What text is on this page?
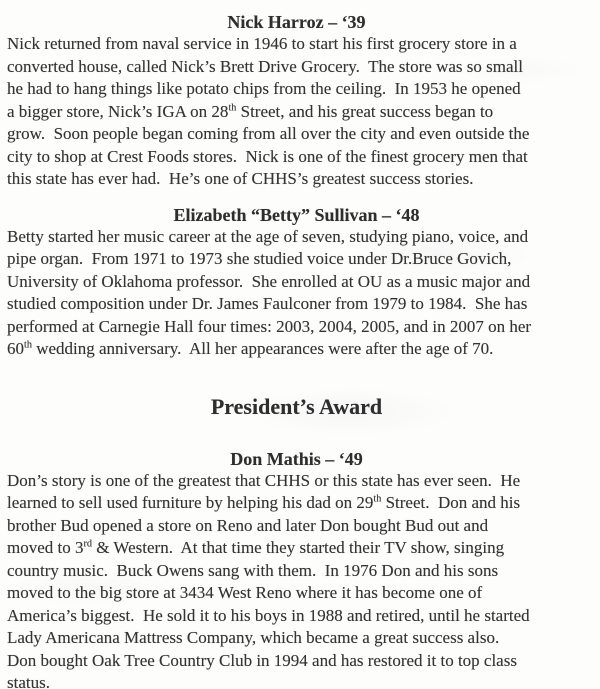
Nick Harroz – ‘39
Nick returned from naval service in 1946 to start his first grocery store in a
converted house, called Nick’s Brett Drive Grocery.  The store was so small
he had to hang things like potato chips from the ceiling.  In 1953 he opened
a bigger store, Nick’s IGA on 28th Street, and his great success began to
grow.  Soon people began coming from all over the city and even outside the
city to shop at Crest Foods stores.  Nick is one of the finest grocery men that
this state has ever had.  He’s one of CHHS’s greatest success stories.
Elizabeth “Betty” Sullivan – ‘48
Betty started her music career at the age of seven, studying piano, voice, and
pipe organ.  From 1971 to 1973 she studied voice under Dr.Bruce Govich,
University of Oklahoma professor.  She enrolled at OU as a music major and
studied composition under Dr. James Faulconer from 1979 to 1984.  She has
performed at Carnegie Hall four times: 2003, 2004, 2005, and in 2007 on her
60th wedding anniversary.  All her appearances were after the age of 70.
President’s Award
Don Mathis – ‘49
Don’s story is one of the greatest that CHHS or this state has ever seen.  He
learned to sell used furniture by helping his dad on 29th Street.  Don and his
brother Bud opened a store on Reno and later Don bought Bud out and
moved to 3rd & Western.  At that time they started their TV show, singing
country music.  Buck Owens sang with them.  In 1976 Don and his sons
moved to the big store at 3434 West Reno where it has become one of
America’s biggest.  He sold it to his boys in 1988 and retired, until he started
Lady Americana Mattress Company, which became a great success also.
Don bought Oak Tree Country Club in 1994 and has restored it to top class
status.
